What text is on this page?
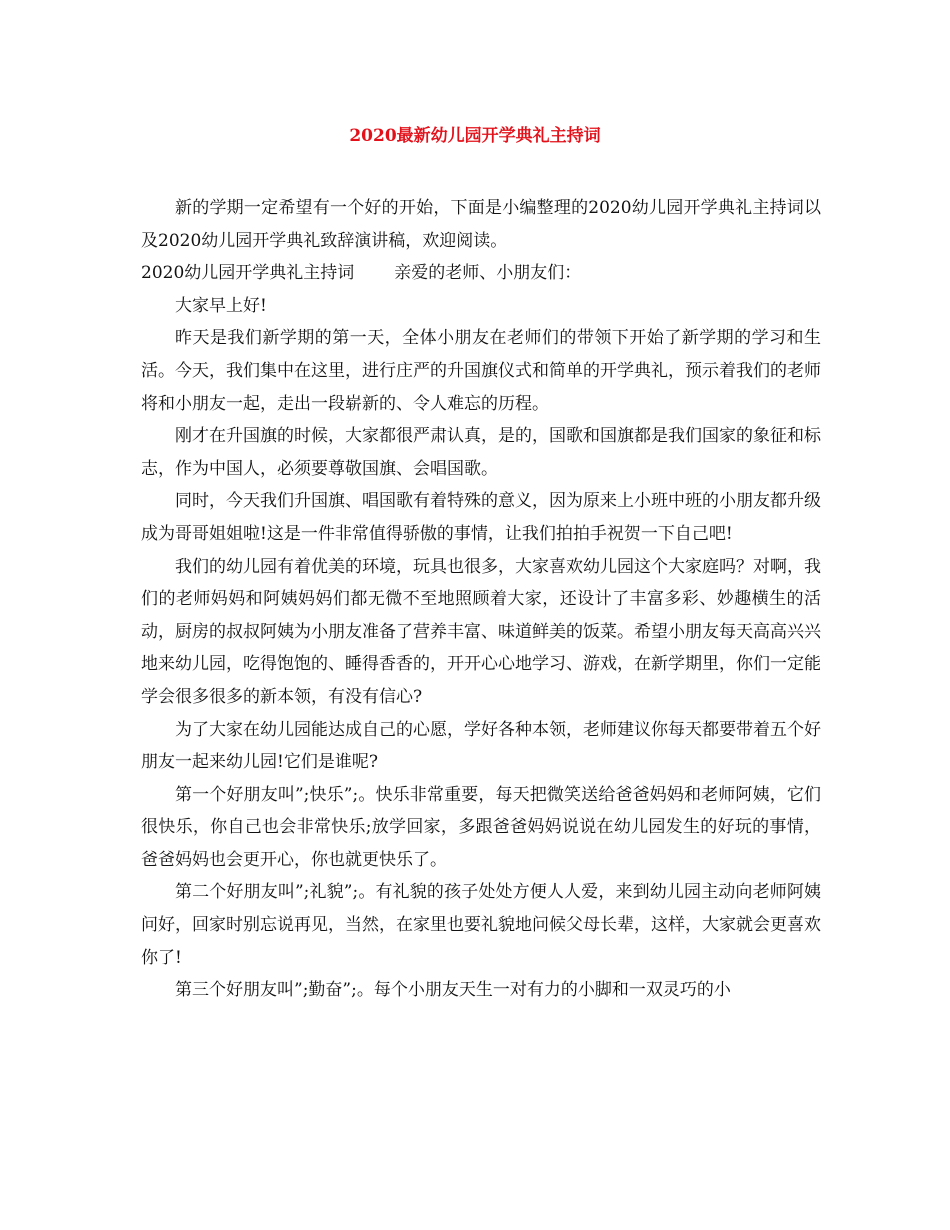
2020最新幼儿园开学典礼主持词

新的学期一定希望有一个好的开始，下面是小编整理的2020幼儿园开学典礼主持词以及2020幼儿园开学典礼致辞演讲稿，欢迎阅读。

2020幼儿园开学典礼主持词 亲爱的老师、小朋友们：

大家早上好!

昨天是我们新学期的第一天，全体小朋友在老师们的带领下开始了新学期的学习和生活。今天，我们集中在这里，进行庄严的升国旗仪式和简单的开学典礼，预示着我们的老师将和小朋友一起，走出一段崭新的、令人难忘的历程。

刚才在升国旗的时候，大家都很严肃认真，是的，国歌和国旗都是我们国家的象征和标志，作为中国人，必须要尊敬国旗、会唱国歌。

同时，今天我们升国旗、唱国歌有着特殊的意义，因为原来上小班中班的小朋友都升级成为哥哥姐姐啦!这是一件非常值得骄傲的事情，让我们拍拍手祝贺一下自己吧!

我们的幼儿园有着优美的环境，玩具也很多，大家喜欢幼儿园这个大家庭吗？对啊，我们的老师妈妈和阿姨妈妈们都无微不至地照顾着大家，还设计了丰富多彩、妙趣横生的活动，厨房的叔叔阿姨为小朋友准备了营养丰富、味道鲜美的饭菜。希望小朋友每天高高兴兴地来幼儿园，吃得饱饱的、睡得香香的，开开心心地学习、游戏，在新学期里，你们一定能学会很多很多的新本领，有没有信心?

为了大家在幼儿园能达成自己的心愿，学好各种本领，老师建议你每天都要带着五个好朋友一起来幼儿园!它们是谁呢?

第一个好朋友叫”;快乐”;。快乐非常重要，每天把微笑送给爸爸妈妈和老师阿姨，它们很快乐，你自己也会非常快乐;放学回家，多跟爸爸妈妈说说在幼儿园发生的好玩的事情，爸爸妈妈也会更开心，你也就更快乐了。

第二个好朋友叫”;礼貌”;。有礼貌的孩子处处方便人人爱，来到幼儿园主动向老师阿姨问好，回家时别忘说再见，当然，在家里也要礼貌地问候父母长辈，这样，大家就会更喜欢你了!

第三个好朋友叫”;勤奋”;。每个小朋友天生一对有力的小脚和一双灵巧的小
